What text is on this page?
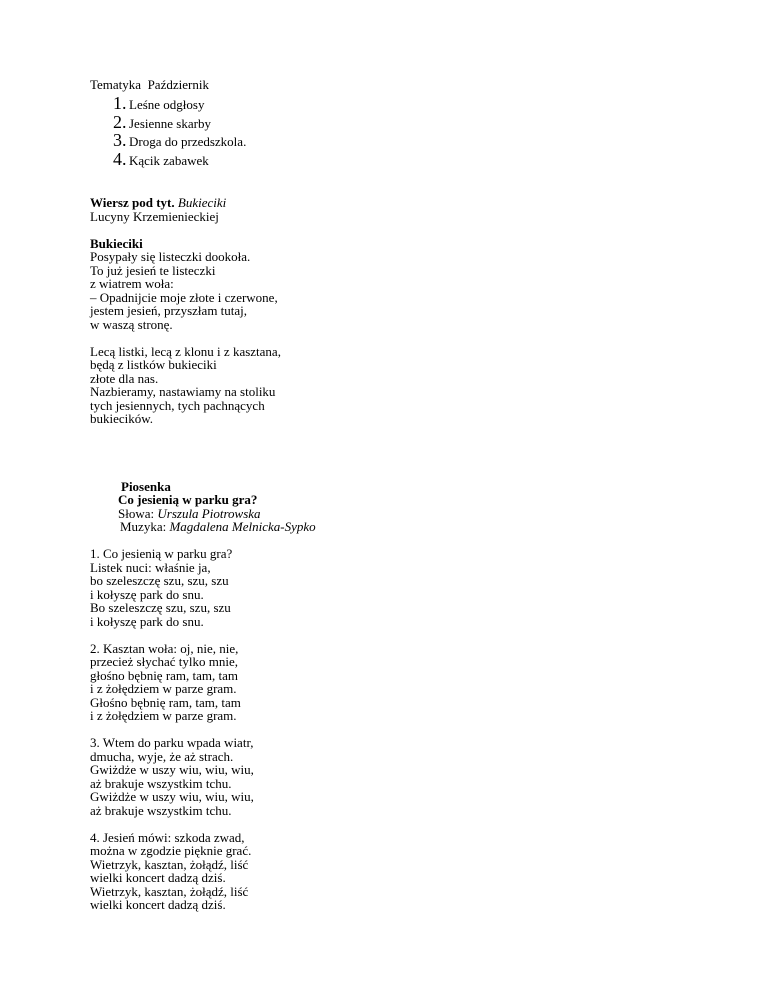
Tematyka Październik
1. Leśne odgłosy
2. Jesienne skarby
3. Droga do przedszkola.
4. Kącik zabawek
Wiersz pod tyt. Bukieciki
Lucyny Krzemienieckiej
Bukieciki
Posypały się listeczki dookoła.
To już jesień te listeczki
z wiatrem woła:
– Opadnijcie moje złote i czerwone,
jestem jesień, przyszłam tutaj,
w waszą stronę.
Lecą listki, lecą z klonu i z kasztana,
będą z listków bukieciki
złote dla nas.
Nazbieramy, nastawiamy na stoliku
tych jesiennych, tych pachnących
bukiecików.
Piosenka
Co jesienią w parku gra?
Słowa: Urszula Piotrowska
Muzyka: Magdalena Melnicka-Sypko
1. Co jesienią w parku gra?
Listek nuci: właśnie ja,
bo szeleszczę szu, szu, szu
i kołyszę park do snu.
Bo szeleszczę szu, szu, szu
i kołyszę park do snu.
2. Kasztan woła: oj, nie, nie,
przecież słychać tylko mnie,
głośno bębnię ram, tam, tam
i z żołędziem w parze gram.
Głośno bębnię ram, tam, tam
i z żołędziem w parze gram.
3. Wtem do parku wpada wiatr,
dmucha, wyje, że aż strach.
Gwiżdże w uszy wiu, wiu, wiu,
aż brakuje wszystkim tchu.
Gwiżdże w uszy wiu, wiu, wiu,
aż brakuje wszystkim tchu.
4. Jesień mówi: szkoda zwad,
można w zgodzie pięknie grać.
Wietrzyk, kasztan, żołądź, liść
wielki koncert dadzą dziś.
Wietrzyk, kasztan, żołądź, liść
wielki koncert dadzą dziś.
